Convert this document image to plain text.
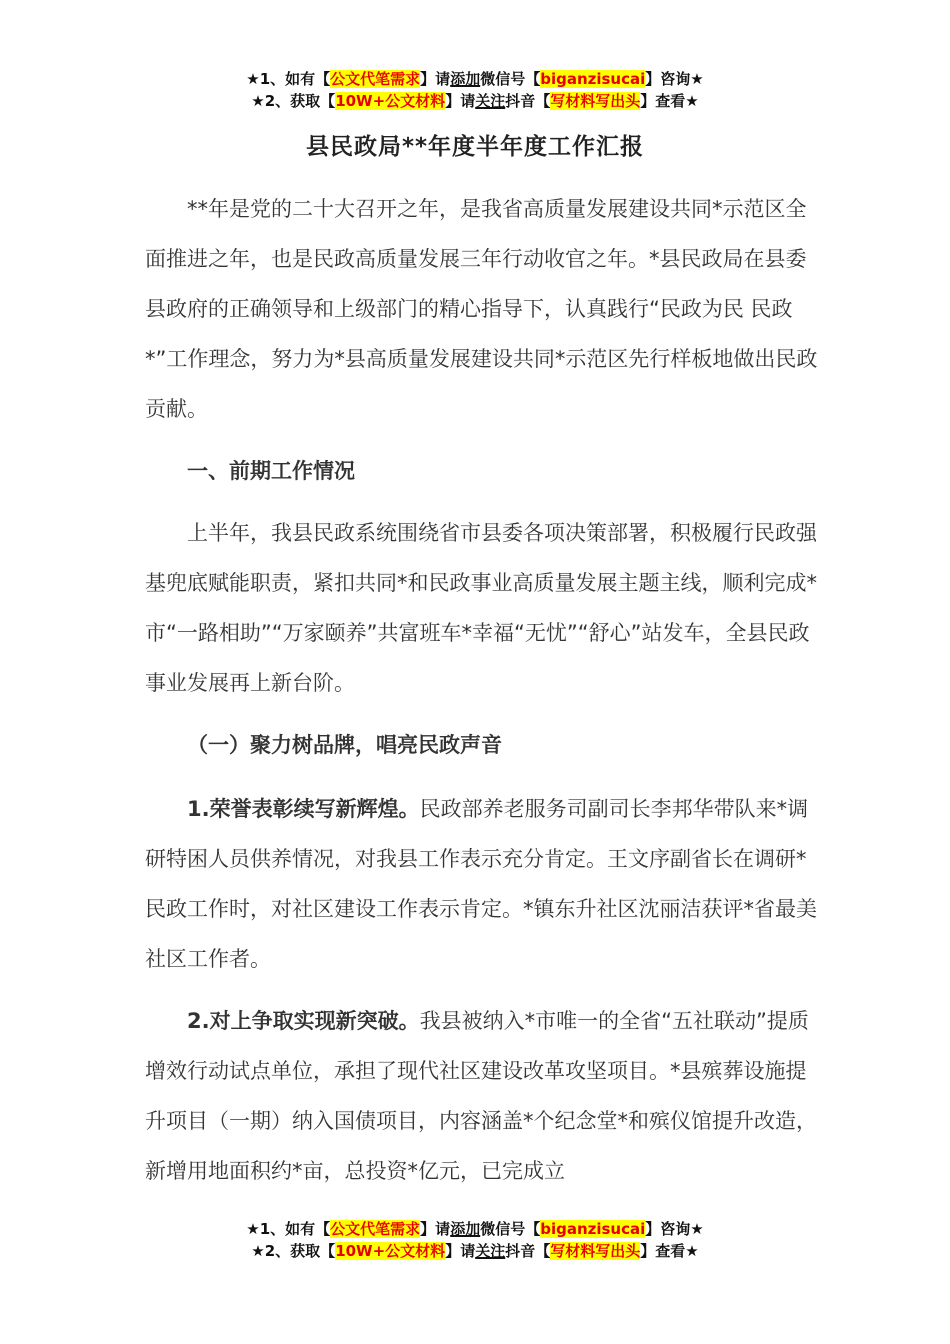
★1、如有【公文代笔需求】请添加微信号【biganzisucai】咨询★
★2、获取【10W+公文材料】请关注抖音【写材料写出头】查看★
县民政局**年度半年度工作汇报

**年是党的二十大召开之年，是我省高质量发展建设共同*示范区全面推进之年，也是民政高质量发展三年行动收官之年。*县民政局在县委县政府的正确领导和上级部门的精心指导下，认真践行“民政为民 民政*”工作理念，努力为*县高质量发展建设共同*示范区先行样板地做出民政贡献。

一、前期工作情况

上半年，我县民政系统围绕省市县委各项决策部署，积极履行民政强基兜底赋能职责，紧扣共同*和民政事业高质量发展主题主线，顺利完成*市“一路相助”“万家颐养”共富班车*幸福“无忧”“舒心”站发车，全县民政事业发展再上新台阶。

（一）聚力树品牌，唱亮民政声音

1.荣誉表彰续写新辉煌。民政部养老服务司副司长李邦华带队来*调研特困人员供养情况，对我县工作表示充分肯定。王文序副省长在调研*民政工作时，对社区建设工作表示肯定。*镇东升社区沈丽洁获评*省最美社区工作者。

2.对上争取实现新突破。我县被纳入*市唯一的全省“五社联动”提质增效行动试点单位，承担了现代社区建设改革攻坚项目。*县殡葬设施提升项目（一期）纳入国债项目，内容涵盖*个纪念堂*和殡仪馆提升改造，新增用地面积约*亩，总投资*亿元，已完成立

★1、如有【公文代笔需求】请添加微信号【biganzisucai】咨询★
★2、获取【10W+公文材料】请关注抖音【写材料写出头】查看★
